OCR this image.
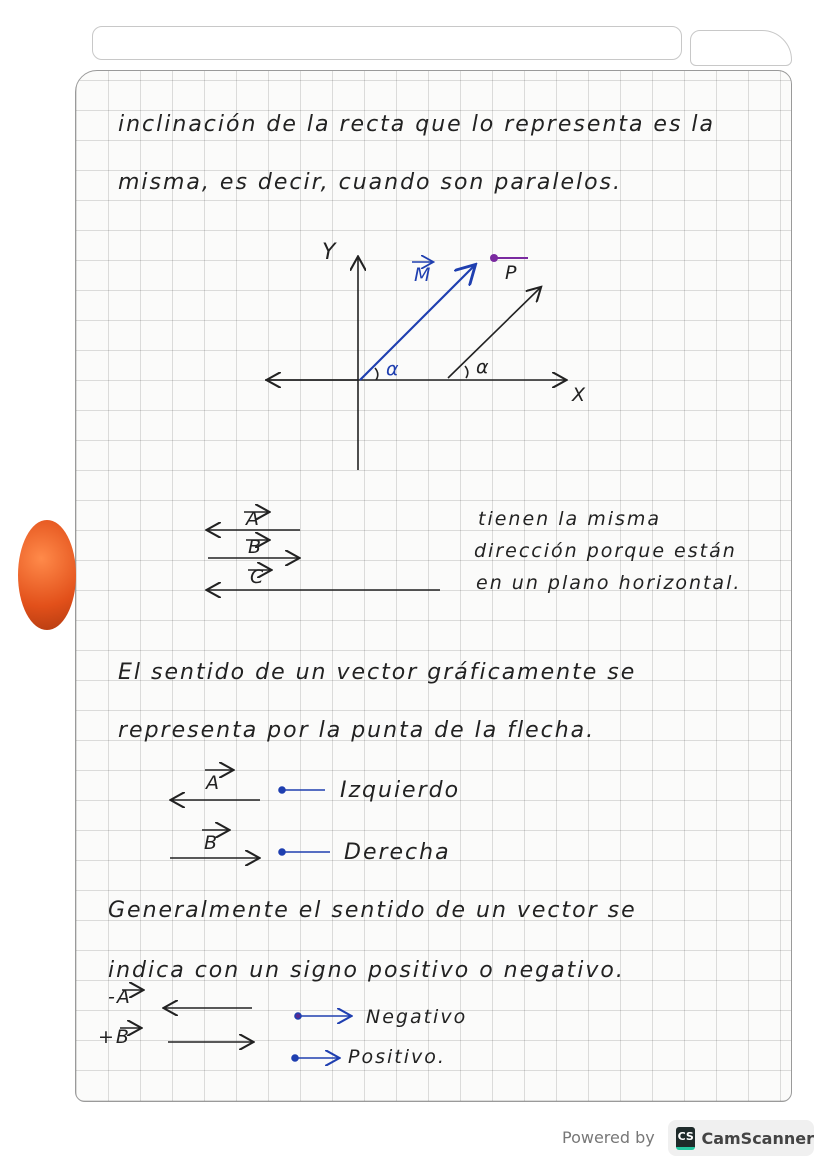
inclinación de la recta que lo representa es la
misma, es decir, cuando son paralelos.
Y
X
M	P
α	α
A
B
C
tienen la misma
dirección porque están
en un plano horizontal.
El sentido de un vector gráficamente se
representa por la punta de la flecha.
A	Izquierdo
B	Derecha
Generalmente el sentido de un vector se
indica con un signo positivo o negativo.
-A
+B
Negativo
Positivo.
Powered by CS CamScanner
